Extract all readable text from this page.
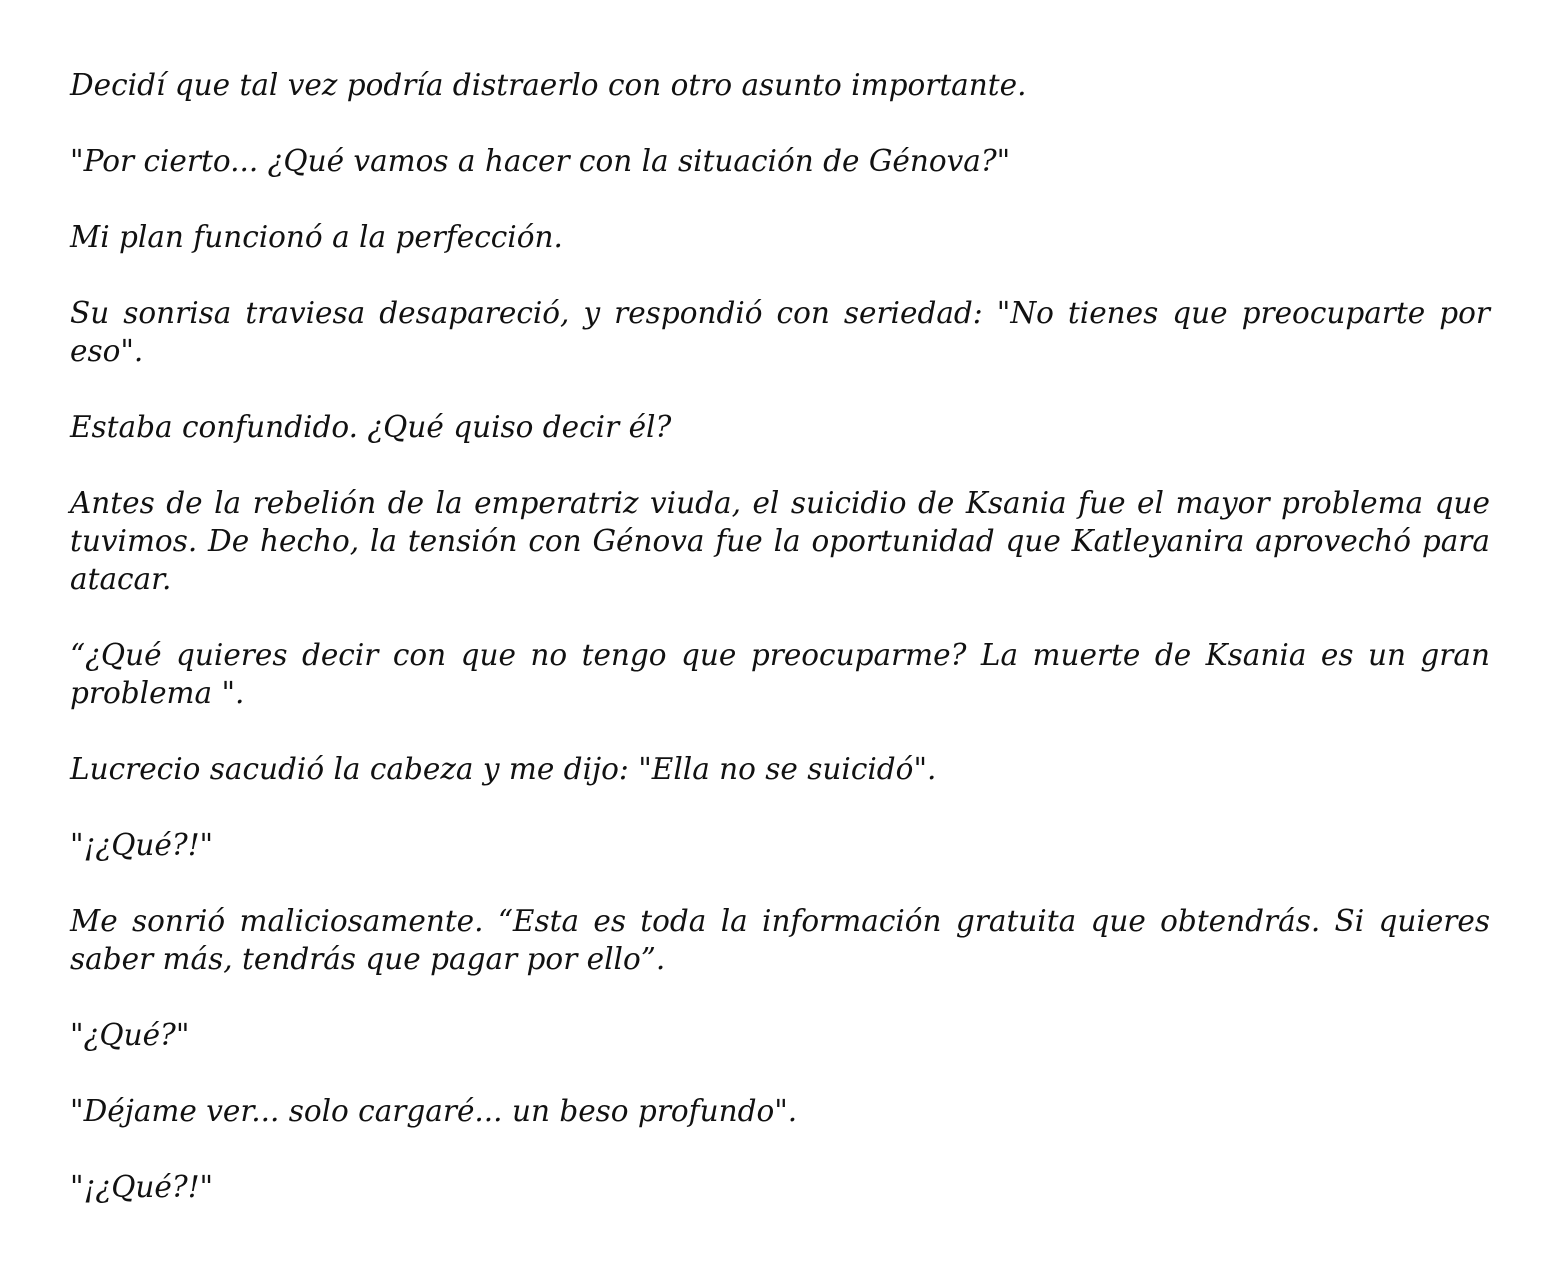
Decidí que tal vez podría distraerlo con otro asunto importante.

"Por cierto... ¿Qué vamos a hacer con la situación de Génova?"

Mi plan funcionó a la perfección.

Su sonrisa traviesa desapareció, y respondió con seriedad: "No tienes que preocuparte por eso".

Estaba confundido. ¿Qué quiso decir él?

Antes de la rebelión de la emperatriz viuda, el suicidio de Ksania fue el mayor problema que tuvimos. De hecho, la tensión con Génova fue la oportunidad que Katleyanira aprovechó para atacar.

“¿Qué quieres decir con que no tengo que preocuparme? La muerte de Ksania es un gran problema ".

Lucrecio sacudió la cabeza y me dijo: "Ella no se suicidó".

"¡¿Qué?!"

Me sonrió maliciosamente. “Esta es toda la información gratuita que obtendrás. Si quieres saber más, tendrás que pagar por ello”.

"¿Qué?"

"Déjame ver... solo cargaré... un beso profundo".

"¡¿Qué?!"
